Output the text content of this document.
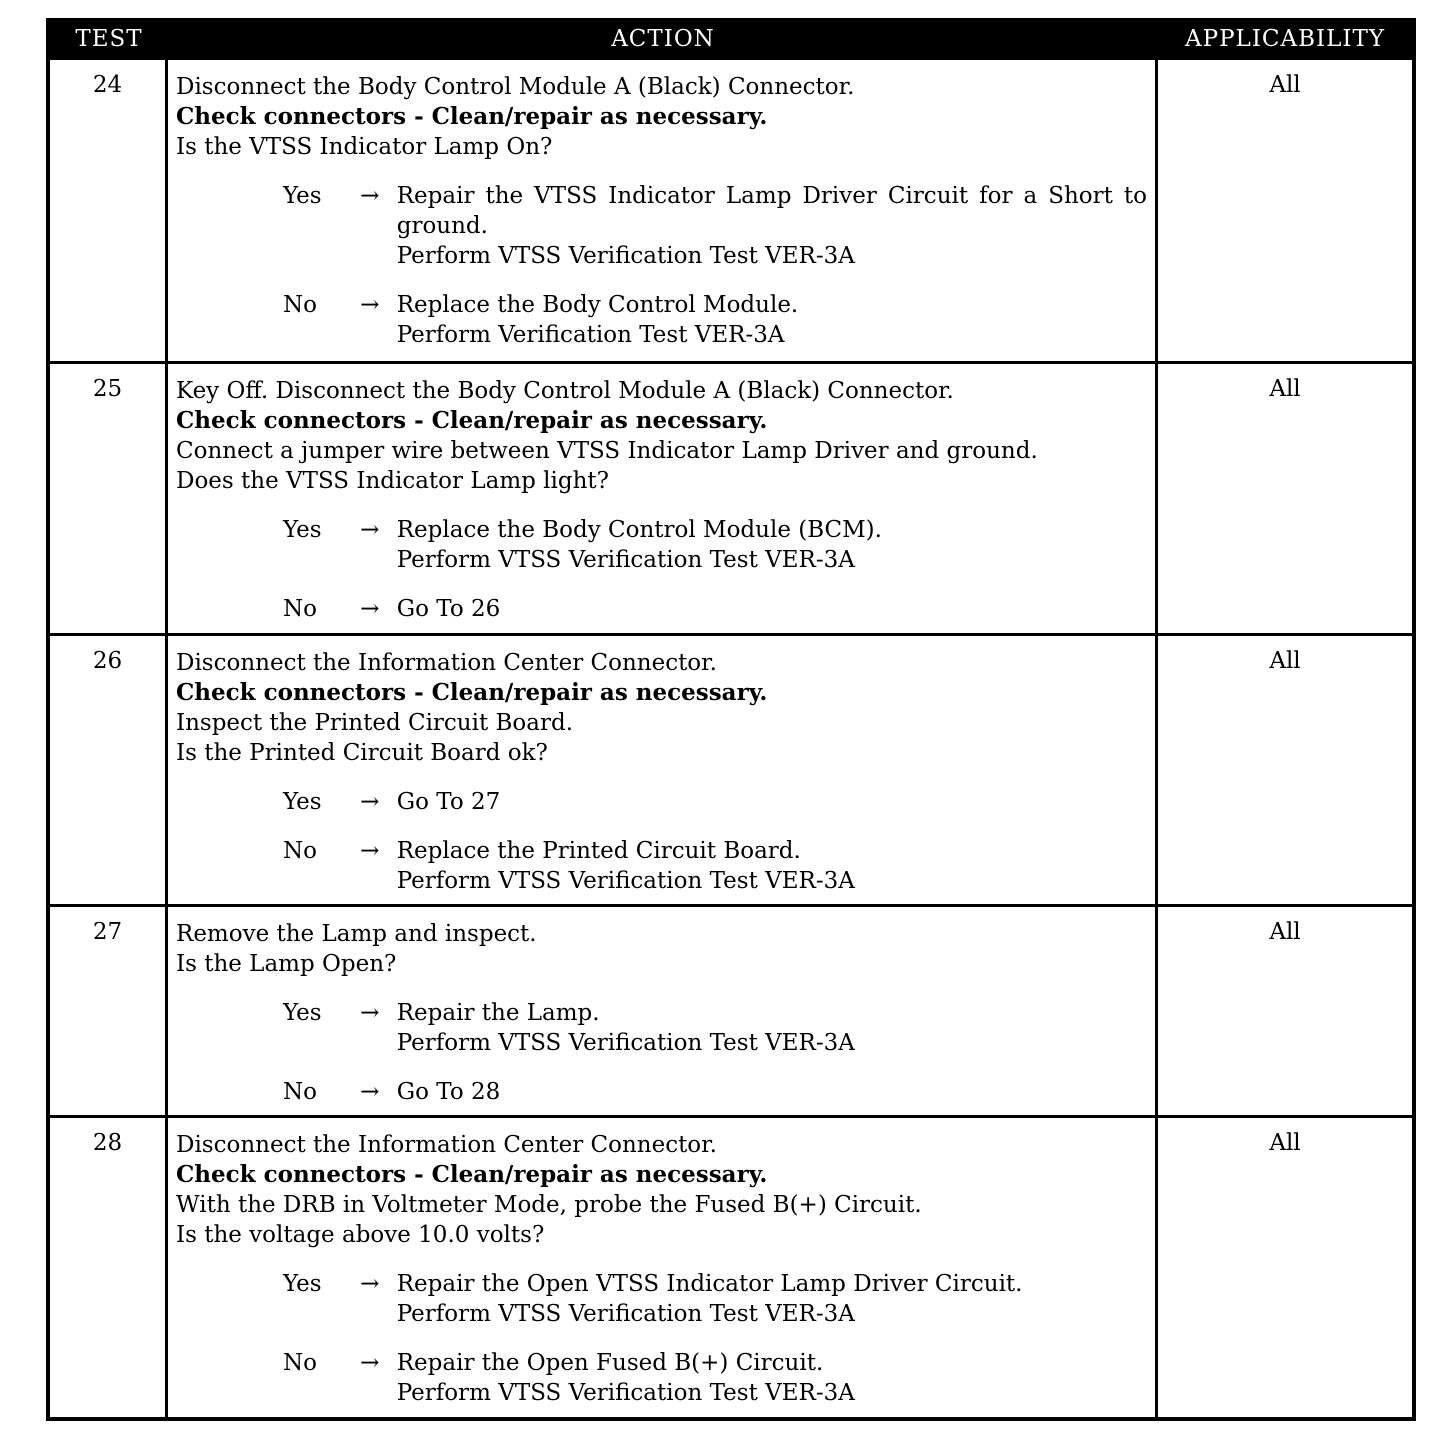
TEST	ACTION	APPLICABILITY
24	Disconnect the Body Control Module A (Black) Connector.
Check connectors - Clean/repair as necessary.
Is the VTSS Indicator Lamp On?
Yes	→ Repair the VTSS Indicator Lamp Driver Circuit for a Short to ground.
Perform VTSS Verification Test VER-3A
No	→ Replace the Body Control Module.
Perform Verification Test VER-3A
All
25	Key Off. Disconnect the Body Control Module A (Black) Connector.
Check connectors - Clean/repair as necessary.
Connect a jumper wire between VTSS Indicator Lamp Driver and ground.
Does the VTSS Indicator Lamp light?
Yes	→ Replace the Body Control Module (BCM).
Perform VTSS Verification Test VER-3A
No	→ Go To 26
All
26	Disconnect the Information Center Connector.
Check connectors - Clean/repair as necessary.
Inspect the Printed Circuit Board.
Is the Printed Circuit Board ok?
Yes	→ Go To 27
No	→ Replace the Printed Circuit Board.
Perform VTSS Verification Test VER-3A
All
27	Remove the Lamp and inspect.
Is the Lamp Open?
Yes	→ Repair the Lamp.
Perform VTSS Verification Test VER-3A
No	→ Go To 28
All
28	Disconnect the Information Center Connector.
Check connectors - Clean/repair as necessary.
With the DRB in Voltmeter Mode, probe the Fused B(+) Circuit.
Is the voltage above 10.0 volts?
Yes	→ Repair the Open VTSS Indicator Lamp Driver Circuit.
Perform VTSS Verification Test VER-3A
No	→ Repair the Open Fused B(+) Circuit.
Perform VTSS Verification Test VER-3A
All
